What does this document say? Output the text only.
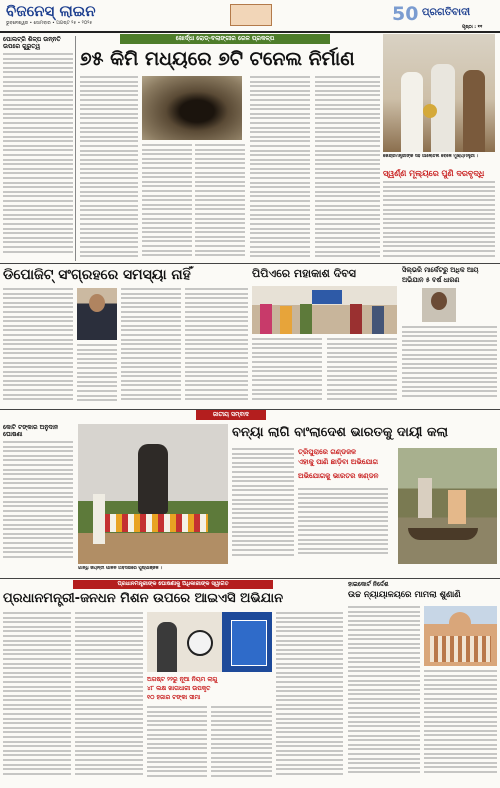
ବିଜନେସ୍ ଲାଇନ
ଭୁବନେଶ୍ୱର • ସୋମବାର • ଅଗଷ୍ଟ ୨୫ • ୨୦୨୫	50 ପ୍ରଗତିବାଦୀ
ପୃଷ୍ଠା : ୧୧
ପୋଲଟ୍ରି ଶିଳ୍ପ ଉନ୍ନତି ଉପରେ ଗୁରୁତ୍ୱ
ଖୋର୍ଦ୍ଧା ରୋଡ୍-ବଲାଙ୍ଗୀର ରେଳ ପ୍ରକଳ୍ପ
୭୫ କିମି ମଧ୍ୟରେ ୭ଟି ଟନେଲ ନିର୍ମାଣ
କେନ୍ଦ୍ରମନ୍ତ୍ରୀଙ୍କ ସହ ଆଲୋଚନା ବେଳେ ମୁଖ୍ୟମନ୍ତ୍ରୀ ।
ସ୍ୱର୍ଣ୍ଣ ମୂଲ୍ୟରେ ପୁଣି ଦରବୃଦ୍ଧି
ଡିପୋଜିଟ୍ ସଂଗ୍ରହରେ ସମସ୍ୟା ନାହିଁ	ପିପିଏରେ ମହାକାଶ ଦିବସ	ସିଲ୍ଭରି ମାର୍କେଟରୁ ଅଧିକ ଆୟ
ଅଭିଯାନ ୫ ବର୍ଷ ଧାରଣ
ଜାତୀୟ ସମ୍ବାଦ
କୋଟି ଟଙ୍କାର ଅନୁଦାନ ଘୋଷଣା
ଗାନ୍ଧି ଜୟନ୍ତୀ ପାଳନ ଅବସରରେ ପୁଷ୍ପାଞ୍ଜଳି ।
ବନ୍ୟା ଲାଗି ବାଂଲାଦେଶ ଭାରତକୁ ଦାୟୀ କଲା
ତ୍ରିପୁରାରେ ଗଣ୍ଡଜଳ
ଏହାକୁ ପାଣି ଛାଡ଼ିବା ଅଭିଯୋଗ
ଅଭିଯୋଗକୁ ଭାରତର ଖଣ୍ଡନ
ପ୍ରଧାନମନ୍ତ୍ରୀଙ୍କ ଘୋଷଣାକୁ ଅଧିକାରୀଙ୍କ ସ୍ୱାଗତ
ପ୍ରଧାନମନ୍ତ୍ରୀ-ଜନଧନ ମିଶନ ଉପରେ ଆଇଏସି ଅଭିଯାନ
ଅଗଷ୍ଟ ୨୨ରୁ ନୂଆ ନିୟମ ଲାଗୁ
୪୮ ଲକ୍ଷ ଖାତାଧାରୀ ଉପକୃତ
୧୦ ହଜାର ଟଙ୍କା ସୀମା
ହାଇକୋର୍ଟ ନିର୍ଦ୍ଦେଶ
ଉଚ୍ଚ ନ୍ୟାୟାଳୟରେ ମାମଲା ଶୁଣାଣି
